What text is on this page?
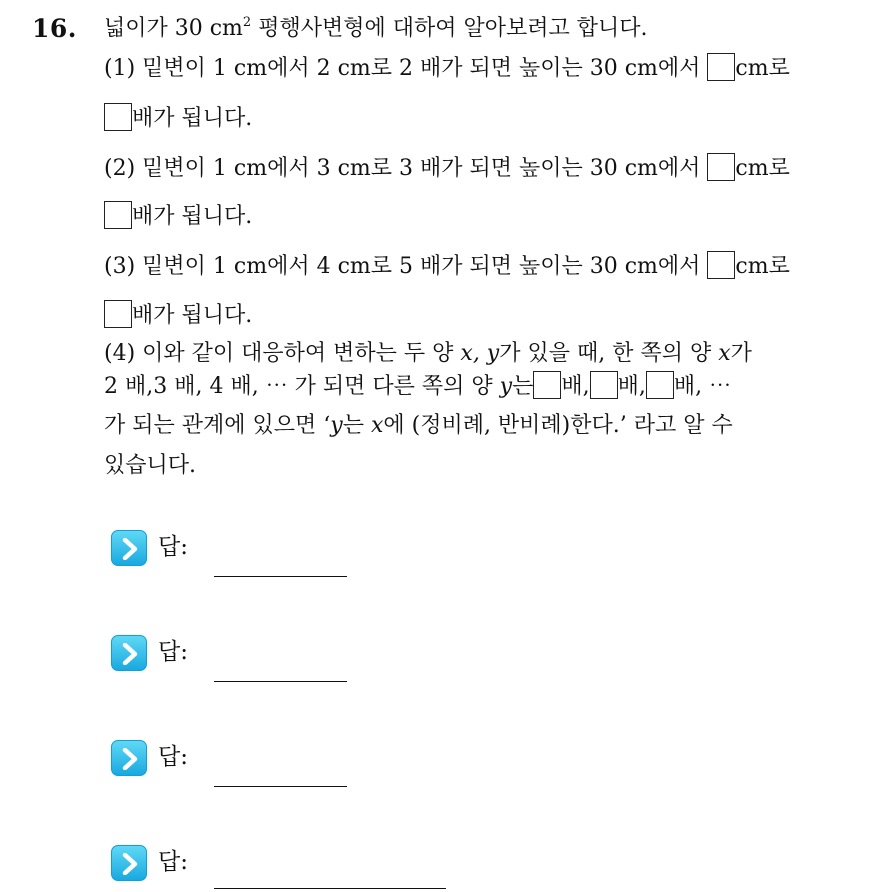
16. 넓이가 30 $cm^2$ 평행사변형에 대하여 알아보려고 합니다.
(1) 밑변이 1 cm에서 2 cm로 2 배가 되면 높이는 30 cm에서 cm로
배가 됩니다.
(2) 밑변이 1 cm에서 3 cm로 3 배가 되면 높이는 30 cm에서 cm로
배가 됩니다.
(3) 밑변이 1 cm에서 4 cm로 5 배가 되면 높이는 30 cm에서 cm로
배가 됩니다.
(4) 이와 같이 대응하여 변하는 두 양 x, y가 있을 때, 한 쪽의 양 x가
2 배,3 배, 4 배, ⋯ 가 되면 다른 쪽의 양 y는 배, 배, 배, ⋯
가 되는 관계에 있으면 ‘y는 x에 (정비례, 반비례)한다.’ 라고 알 수
있습니다.
답:
답:
답:
답:
